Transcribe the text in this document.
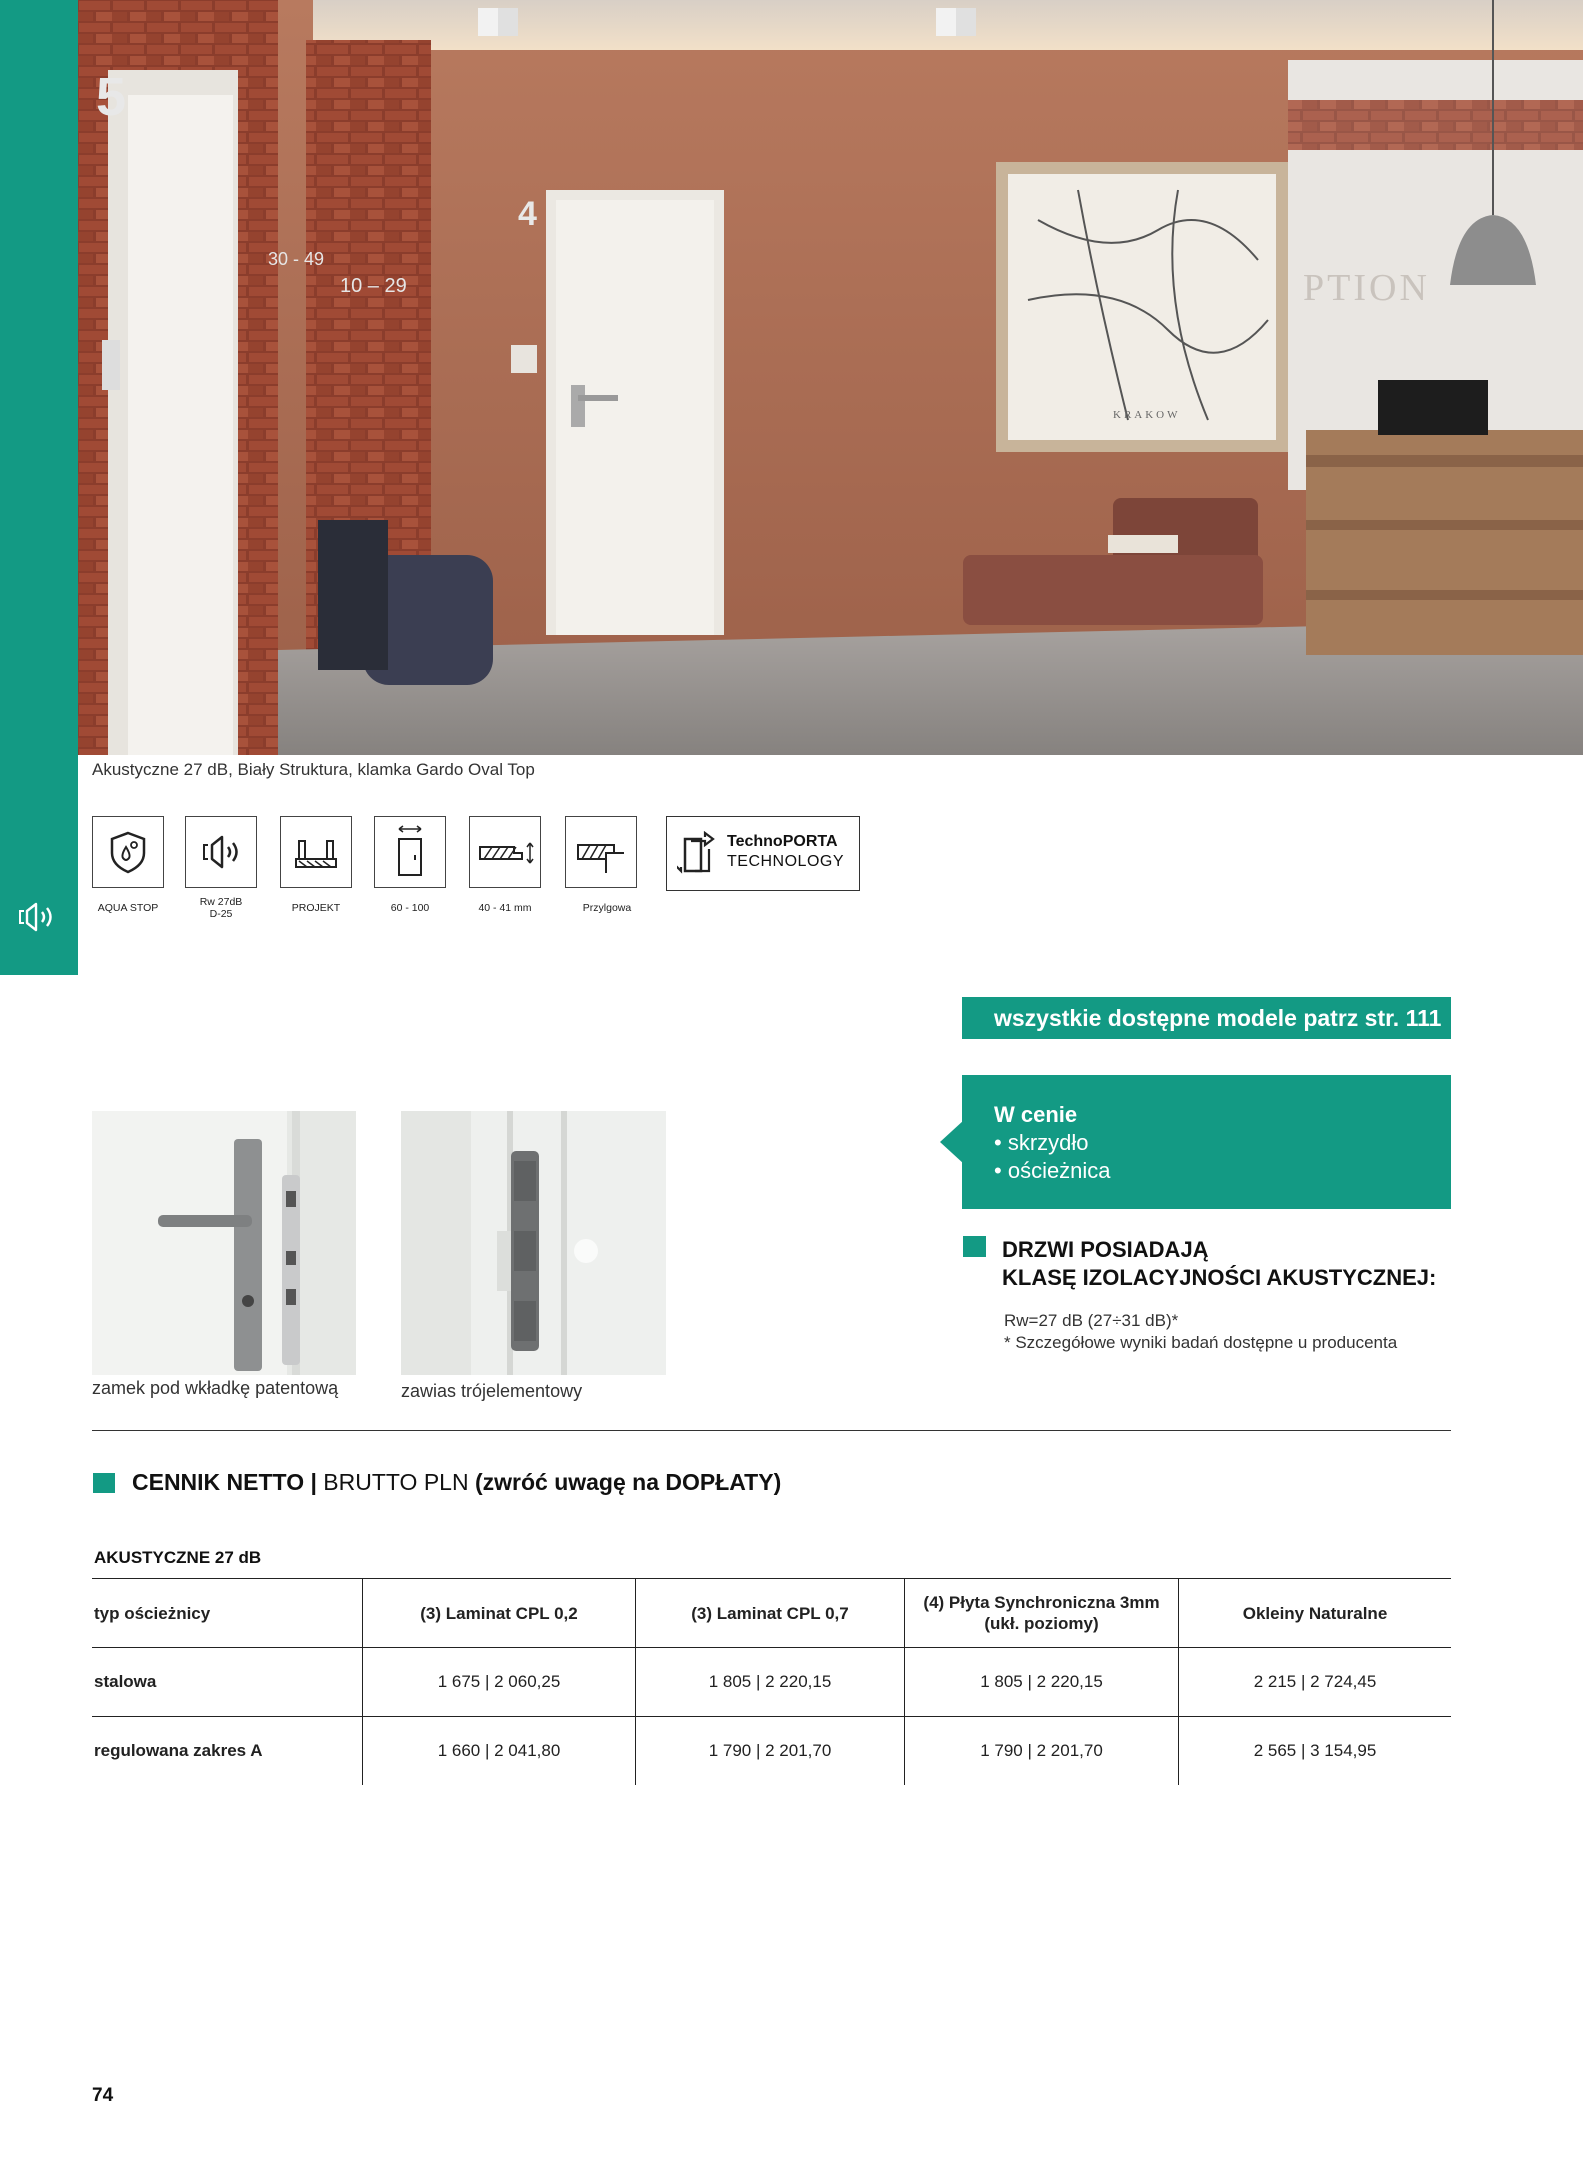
PTION
5
30 - 49
10 – 29
4
KRAKOW
Akustyczne 27 dB, Biały Struktura, klamka Gardo Oval Top
AQUA STOP	Rw 27dB
D-25	PROJEKT	60 - 100	40 - 41 mm	Przylgowa
TechnoPORTA
TECHNOLOGY
wszystkie dostępne modele patrz str. 111
W cenie
• skrzydło
• ościeżnica
zamek pod wkładkę patentową	zawias trójelementowy
DRZWI POSIADAJĄ
KLASĘ IZOLACYJNOŚCI AKUSTYCZNEJ:
Rw=27 dB (27÷31 dB)*
* Szczegółowe wyniki badań dostępne u producenta
CENNIK NETTO | BRUTTO PLN (zwróć uwagę na DOPŁATY)
AKUSTYCZNE 27 dB
typ ościeżnicy	(3) Laminat CPL 0,2	(3) Laminat CPL 0,7	(4) Płyta Synchroniczna 3mm
(ukł. poziomy)	Okleiny Naturalne
stalowa	1 675 | 2 060,25	1 805 | 2 220,15	1 805 | 2 220,15	2 215 | 2 724,45
regulowana zakres A	1 660 | 2 041,80	1 790 | 2 201,70	1 790 | 2 201,70	2 565 | 3 154,95
74
